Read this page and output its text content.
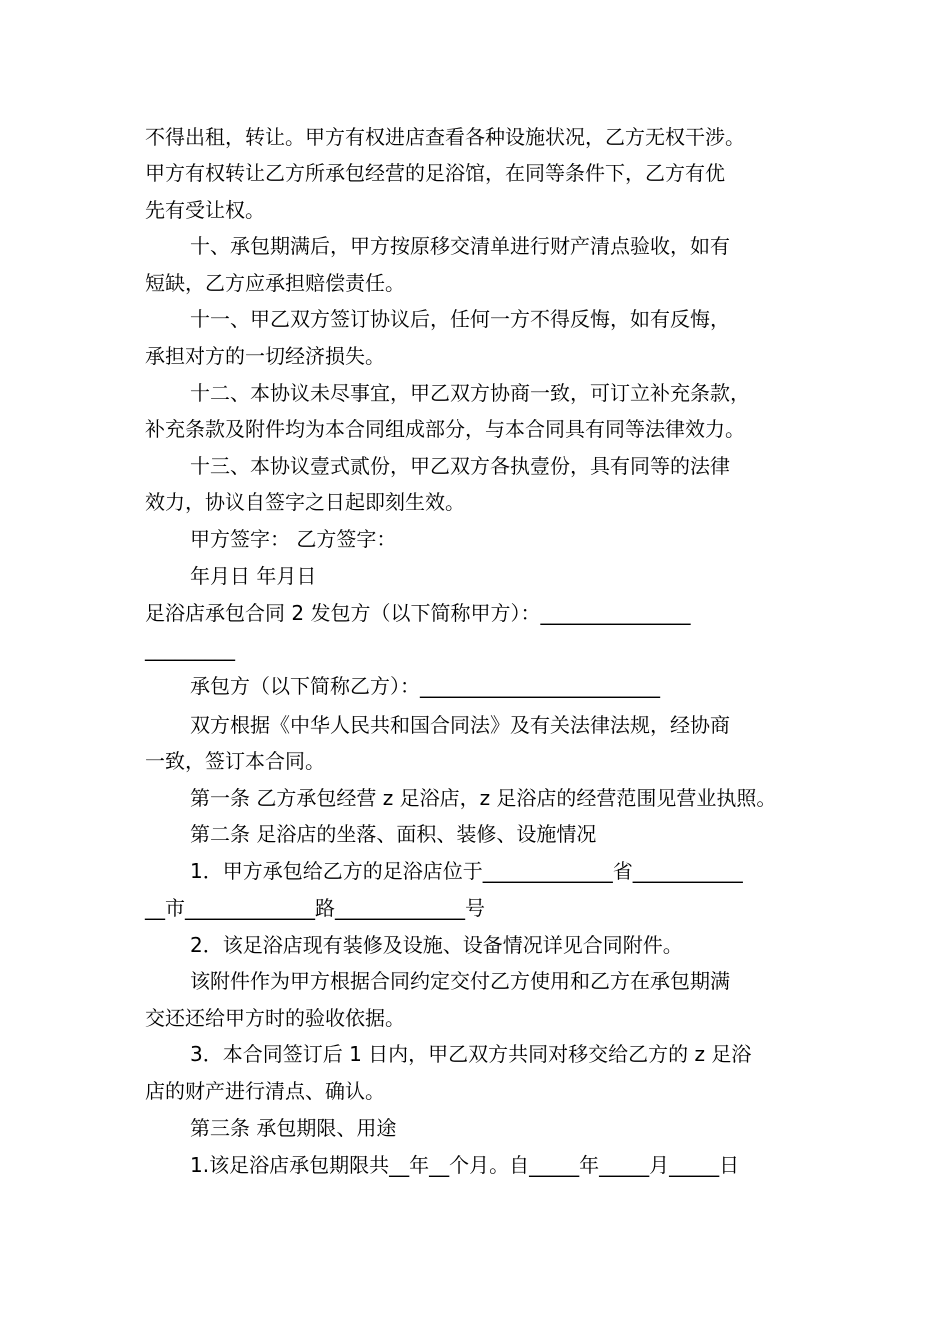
不得出租，转让。甲方有权进店查看各种设施状况，乙方无权干涉。
甲方有权转让乙方所承包经营的足浴馆，在同等条件下，乙方有优
先有受让权。
十、承包期满后，甲方按原移交清单进行财产清点验收，如有
短缺，乙方应承担赔偿责任。
十一、甲乙双方签订协议后，任何一方不得反悔，如有反悔，
承担对方的一切经济损失。
十二、本协议未尽事宜，甲乙双方协商一致，可订立补充条款，
补充条款及附件均为本合同组成部分，与本合同具有同等法律效力。
十三、本协议壹式贰份，甲乙双方各执壹份，具有同等的法律
效力，协议自签字之日起即刻生效。
甲方签字： 乙方签字：
年月日 年月日
足浴店承包合同 2 发包方（以下简称甲方）：_______________
_________
承包方（以下简称乙方）：________________________
双方根据《中华人民共和国合同法》及有关法律法规，经协商
一致，签订本合同。
第一条 乙方承包经营 z 足浴店，z 足浴店的经营范围见营业执照。
第二条 足浴店的坐落、面积、装修、设施情况
1．甲方承包给乙方的足浴店位于_____________省___________
__市_____________路_____________号
2．该足浴店现有装修及设施、设备情况详见合同附件。
该附件作为甲方根据合同约定交付乙方使用和乙方在承包期满
交还还给甲方时的验收依据。
3．本合同签订后 1 日内，甲乙双方共同对移交给乙方的 z 足浴
店的财产进行清点、确认。
第三条 承包期限、用途
1.该足浴店承包期限共__年__个月。自_____年_____月_____日
